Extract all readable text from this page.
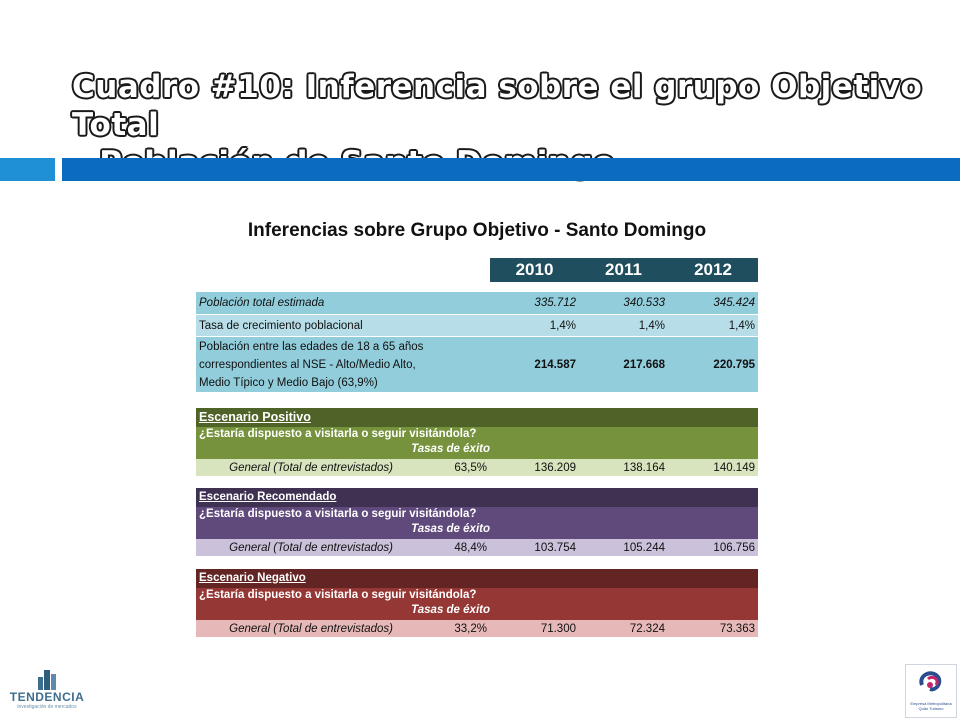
Cuadro #10: Inferencia sobre el grupo Objetivo Total
Inferencias sobre Grupo Objetivo - Santo Domingo
2010	2011	2012
Población total estimada	335.712	340.533	345.424
Tasa de crecimiento poblacional	1,4%	1,4%	1,4%
Población entre las edades de 18 a 65 años
correspondientes al NSE - Alto/Medio Alto,
Medio Típico y Medio Bajo (63,9%)
214.587	217.668	220.795
Escenario Positivo
¿Estaría dispuesto a visitarla o seguir visitándola?
Tasas de éxito
General (Total de entrevistados)	63,5%	136.209	138.164	140.149
Escenario Recomendado
¿Estaría dispuesto a visitarla o seguir visitándola?
Tasas de éxito
General (Total de entrevistados)	48,4%	103.754	105.244	106.756
Escenario Negativo
¿Estaría dispuesto a visitarla o seguir visitándola?
Tasas de éxito
General (Total de entrevistados)	33,2%	71.300	72.324	73.363
TENDENCIA
investigación de mercados
Empresa Metropolitana Quito Turismo
